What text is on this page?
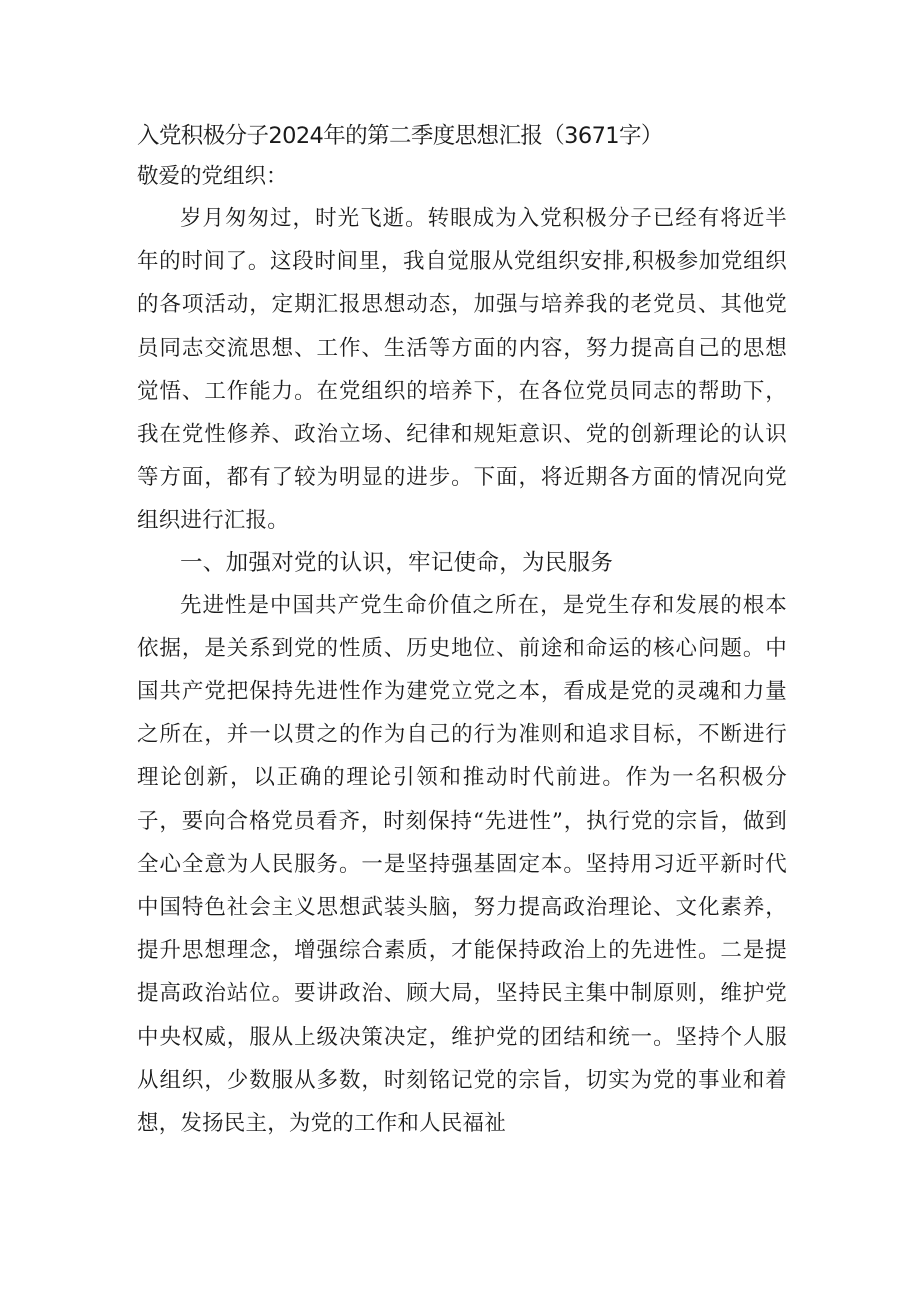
入党积极分子2024年的第二季度思想汇报（3671字）

敬爱的党组织：

岁月匆匆过，时光飞逝。转眼成为入党积极分子已经有将近半年的时间了。这段时间里，我自觉服从党组织安排,积极参加党组织的各项活动，定期汇报思想动态，加强与培养我的老党员、其他党员同志交流思想、工作、生活等方面的内容，努力提高自己的思想觉悟、工作能力。在党组织的培养下，在各位党员同志的帮助下，我在党性修养、政治立场、纪律和规矩意识、党的创新理论的认识等方面，都有了较为明显的进步。下面，将近期各方面的情况向党组织进行汇报。

一、加强对党的认识，牢记使命，为民服务

先进性是中国共产党生命价值之所在，是党生存和发展的根本依据，是关系到党的性质、历史地位、前途和命运的核心问题。中国共产党把保持先进性作为建党立党之本，看成是党的灵魂和力量之所在，并一以贯之的作为自己的行为准则和追求目标，不断进行理论创新，以正确的理论引领和推动时代前进。作为一名积极分子，要向合格党员看齐，时刻保持“先进性”，执行党的宗旨，做到全心全意为人民服务。一是坚持强基固定本。坚持用习近平新时代中国特色社会主义思想武装头脑，努力提高政治理论、文化素养，提升思想理念，增强综合素质，才能保持政治上的先进性。二是提提高政治站位。要讲政治、顾大局，坚持民主集中制原则，维护党中央权威，服从上级决策决定，维护党的团结和统一。坚持个人服从组织，少数服从多数，时刻铭记党的宗旨，切实为党的事业和着想，发扬民主，为党的工作和人民福祉
